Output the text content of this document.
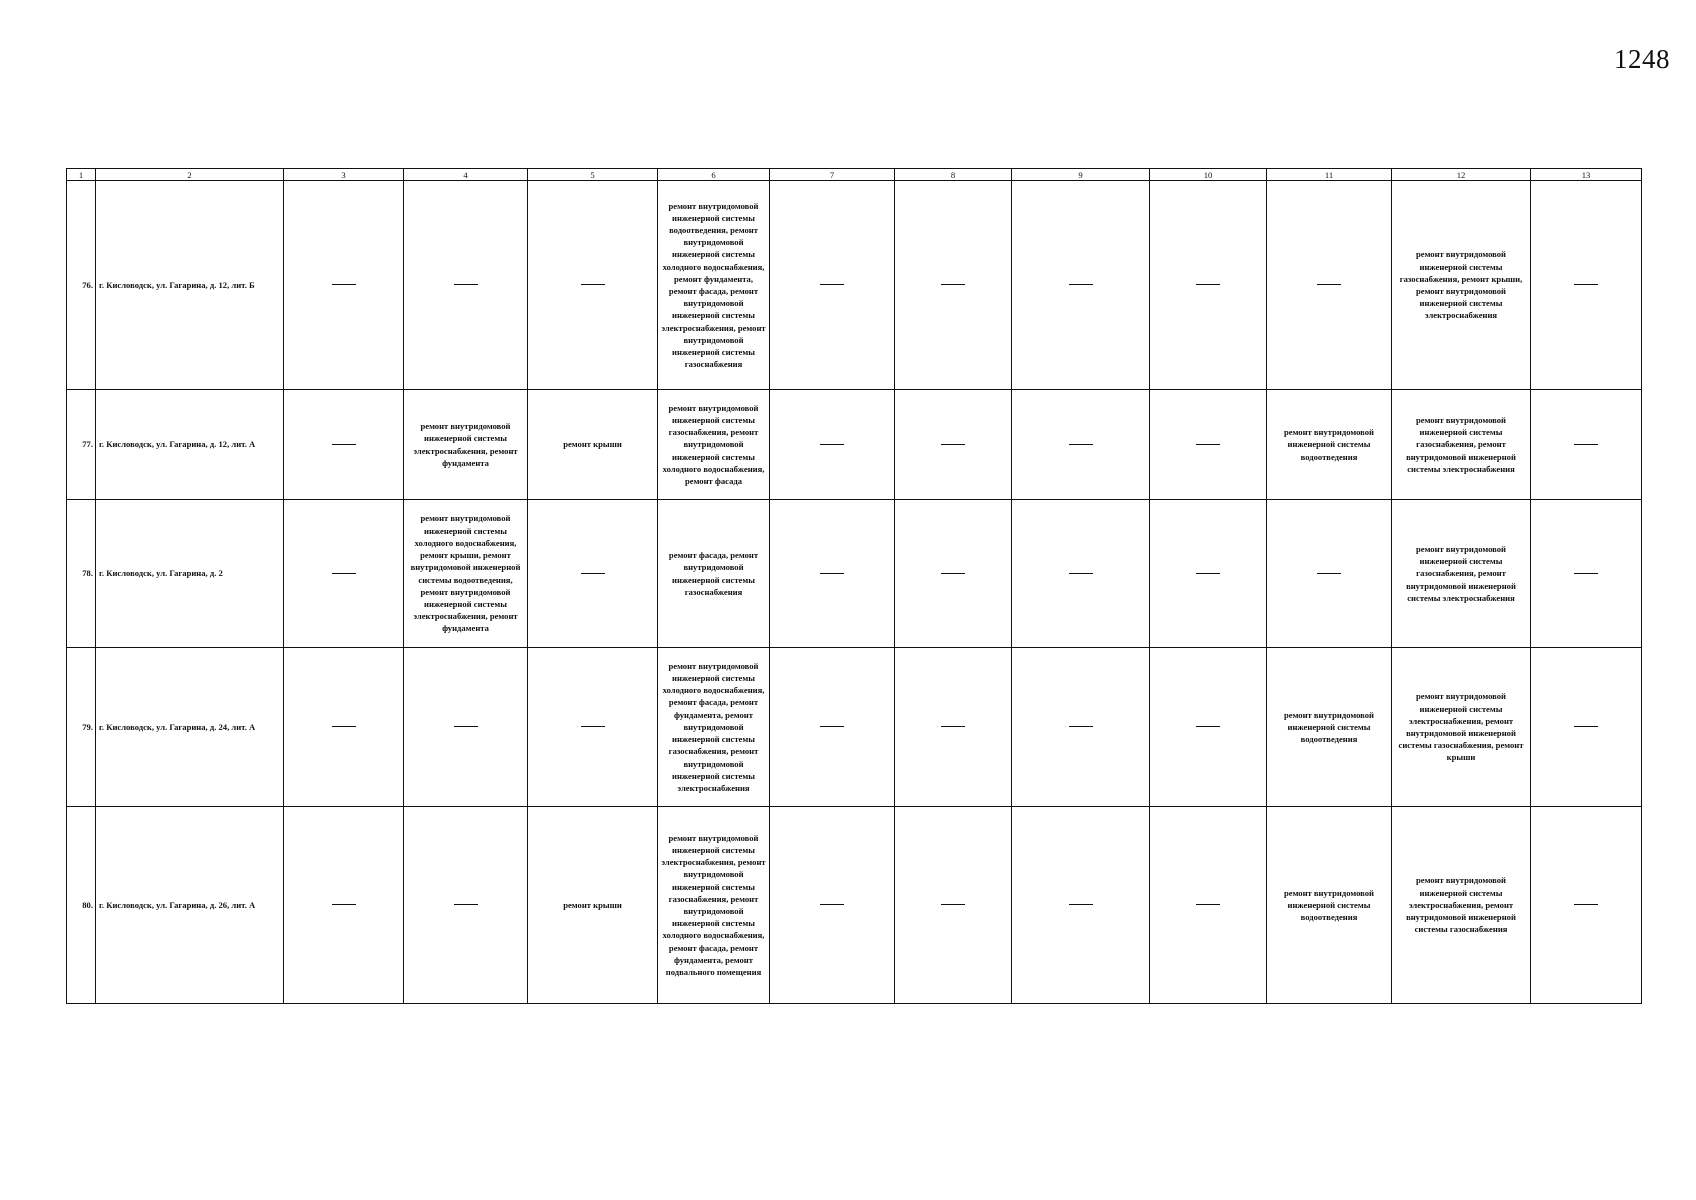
1248
1	2	3	4	5	6	7	8	9	10	11	12	13
76.	г. Кисловодск, ул. Гагарина, д. 12, лит. Б				ремонт внутридомовой инженерной системы водоотведения, ремонт внутридомовой инженерной системы холодного водоснабжения, ремонт фундамента, ремонт фасада, ремонт внутридомовой инженерной системы электроснабжения, ремонт внутридомовой инженерной системы газоснабжения						ремонт внутридомовой инженерной системы газоснабжения, ремонт крыши, ремонт внутридомовой инженерной системы электроснабжения	
77.	г. Кисловодск, ул. Гагарина, д. 12, лит. А		ремонт внутридомовой инженерной системы электроснабжения, ремонт фундамента	ремонт крыши	ремонт внутридомовой инженерной системы газоснабжения, ремонт внутридомовой инженерной системы холодного водоснабжения, ремонт фасада					ремонт внутридомовой инженерной системы водоотведения	ремонт внутридомовой инженерной системы газоснабжения, ремонт внутридомовой инженерной системы электроснабжения	
78.	г. Кисловодск, ул. Гагарина, д. 2		ремонт внутридомовой инженерной системы холодного водоснабжения, ремонт крыши, ремонт внутридомовой инженерной системы водоотведения, ремонт внутридомовой инженерной системы электроснабжения, ремонт фундамента		ремонт фасада, ремонт внутридомовой инженерной системы газоснабжения						ремонт внутридомовой инженерной системы газоснабжения, ремонт внутридомовой инженерной системы электроснабжения	
79.	г. Кисловодск, ул. Гагарина, д. 24, лит. А				ремонт внутридомовой инженерной системы холодного водоснабжения, ремонт фасада, ремонт фундамента, ремонт внутридомовой инженерной системы газоснабжения, ремонт внутридомовой инженерной системы электроснабжения					ремонт внутридомовой инженерной системы водоотведения	ремонт внутридомовой инженерной системы электроснабжения, ремонт внутридомовой инженерной системы газоснабжения, ремонт крыши	
80.	г. Кисловодск, ул. Гагарина, д. 26, лит. А			ремонт крыши	ремонт внутридомовой инженерной системы электроснабжения, ремонт внутридомовой инженерной системы газоснабжения, ремонт внутридомовой инженерной системы холодного водоснабжения, ремонт фасада, ремонт фундамента, ремонт подвального помещения					ремонт внутридомовой инженерной системы водоотведения	ремонт внутридомовой инженерной системы электроснабжения, ремонт внутридомовой инженерной системы газоснабжения	
